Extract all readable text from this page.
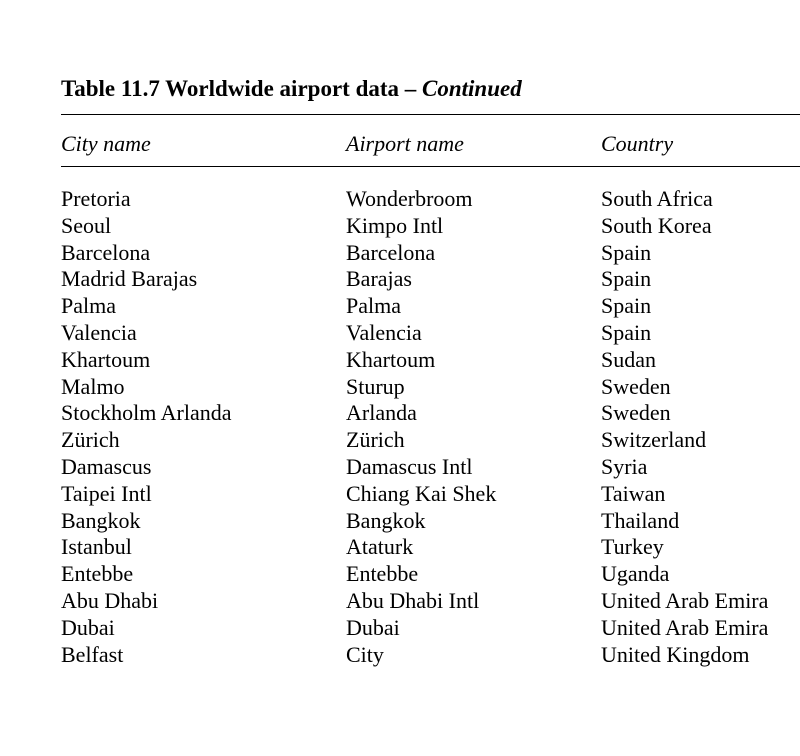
Table 11.7 Worldwide airport data – Continued
City name	Airport name	Country
Pretoria	Wonderbroom	South Africa
Seoul	Kimpo Intl	South Korea
Barcelona	Barcelona	Spain
Madrid Barajas	Barajas	Spain
Palma	Palma	Spain
Valencia	Valencia	Spain
Khartoum	Khartoum	Sudan
Malmo	Sturup	Sweden
Stockholm Arlanda	Arlanda	Sweden
Zürich	Zürich	Switzerland
Damascus	Damascus Intl	Syria
Taipei Intl	Chiang Kai Shek	Taiwan
Bangkok	Bangkok	Thailand
Istanbul	Ataturk	Turkey
Entebbe	Entebbe	Uganda
Abu Dhabi	Abu Dhabi Intl	United Arab Emira
Dubai	Dubai	United Arab Emira
Belfast	City	United Kingdom
